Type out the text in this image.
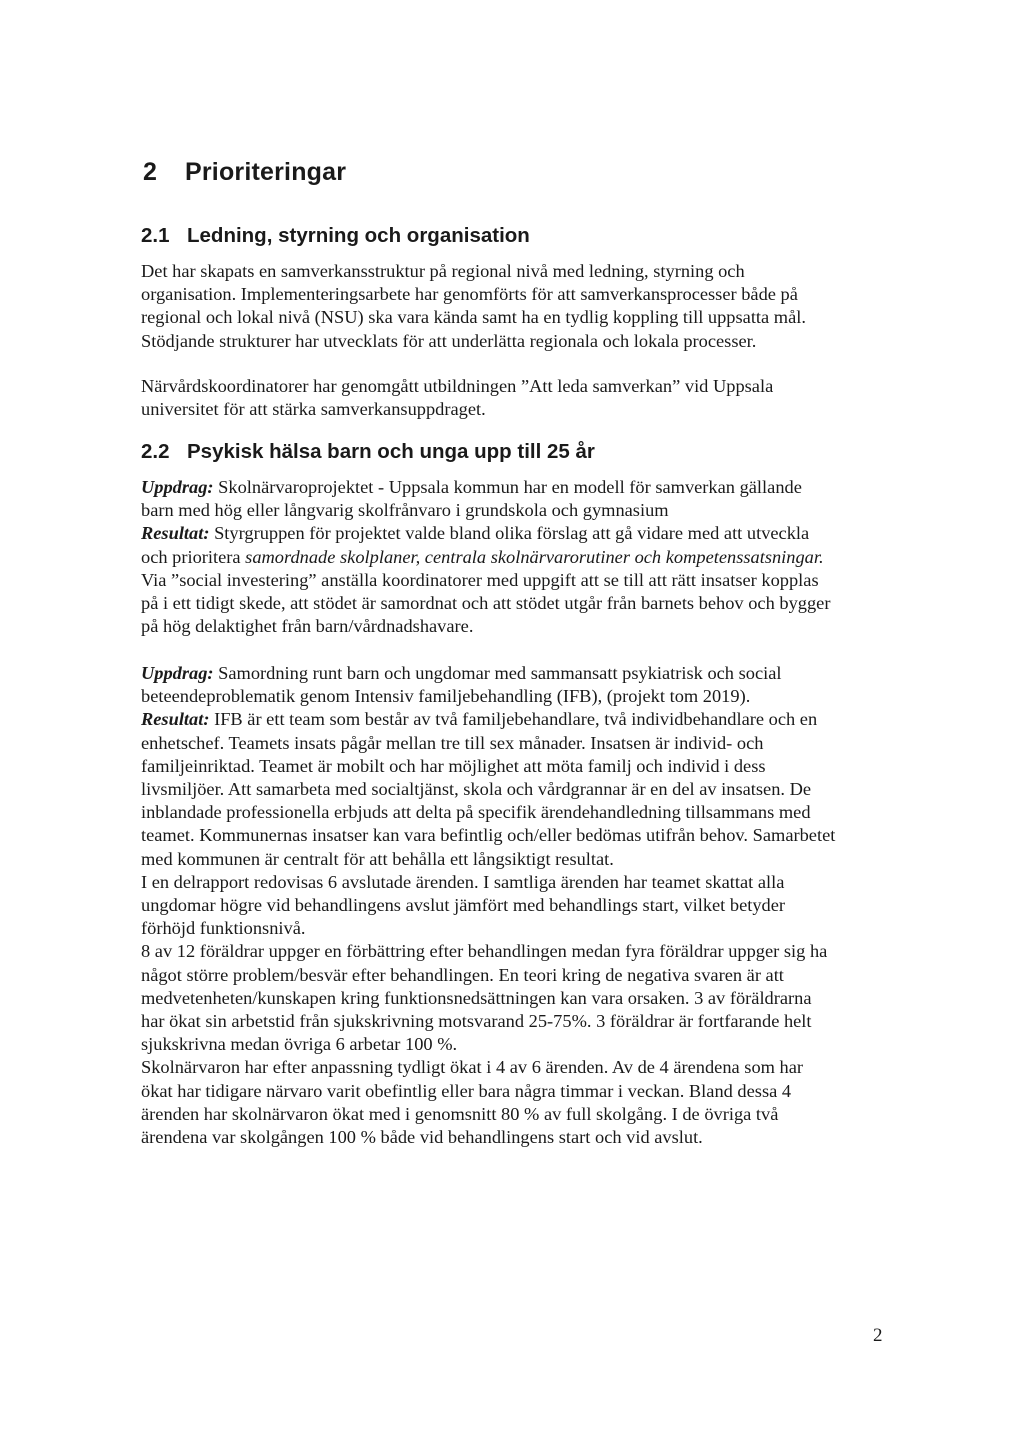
2 Prioriteringar
2.1 Ledning, styrning och organisation

Det har skapats en samverkansstruktur på regional nivå med ledning, styrning och

organisation. Implementeringsarbete har genomförts för att samverkansprocesser både på

regional och lokal nivå (NSU) ska vara kända samt ha en tydlig koppling till uppsatta mål.

Stödjande strukturer har utvecklats för att underlätta regionala och lokala processer.

Närvårdskoordinatorer har genomgått utbildningen ”Att leda samverkan” vid Uppsala

universitet för att stärka samverkansuppdraget.

2.2 Psykisk hälsa barn och unga upp till 25 år

Uppdrag: Skolnärvaroprojektet - Uppsala kommun har en modell för samverkan gällande

barn med hög eller långvarig skolfrånvaro i grundskola och gymnasium

Resultat: Styrgruppen för projektet valde bland olika förslag att gå vidare med att utveckla

och prioritera samordnade skolplaner, centrala skolnärvarorutiner och kompetenssatsningar.

Via ”social investering” anställa koordinatorer med uppgift att se till att rätt insatser kopplas

på i ett tidigt skede, att stödet är samordnat och att stödet utgår från barnets behov och bygger

på hög delaktighet från barn/vårdnadshavare.

Uppdrag: Samordning runt barn och ungdomar med sammansatt psykiatrisk och social

beteendeproblematik genom Intensiv familjebehandling (IFB), (projekt tom 2019).

Resultat: IFB är ett team som består av två familjebehandlare, två individbehandlare och en

enhetschef. Teamets insats pågår mellan tre till sex månader. Insatsen är individ- och

familjeinriktad. Teamet är mobilt och har möjlighet att möta familj och individ i dess

livsmiljöer. Att samarbeta med socialtjänst, skola och vårdgrannar är en del av insatsen. De

inblandade professionella erbjuds att delta på specifik ärendehandledning tillsammans med

teamet. Kommunernas insatser kan vara befintlig och/eller bedömas utifrån behov. Samarbetet

med kommunen är centralt för att behålla ett långsiktigt resultat.

I en delrapport redovisas 6 avslutade ärenden. I samtliga ärenden har teamet skattat alla

ungdomar högre vid behandlingens avslut jämfört med behandlings start, vilket betyder

förhöjd funktionsnivå.

8 av 12 föräldrar uppger en förbättring efter behandlingen medan fyra föräldrar uppger sig ha

något större problem/besvär efter behandlingen. En teori kring de negativa svaren är att

medvetenheten/kunskapen kring funktionsnedsättningen kan vara orsaken. 3 av föräldrarna

har ökat sin arbetstid från sjukskrivning motsvarand 25-75%. 3 föräldrar är fortfarande helt

sjukskrivna medan övriga 6 arbetar 100 %.

Skolnärvaron har efter anpassning tydligt ökat i 4 av 6 ärenden. Av de 4 ärendena som har

ökat har tidigare närvaro varit obefintlig eller bara några timmar i veckan. Bland dessa 4

ärenden har skolnärvaron ökat med i genomsnitt 80 % av full skolgång. I de övriga två

ärendena var skolgången 100 % både vid behandlingens start och vid avslut.

2
